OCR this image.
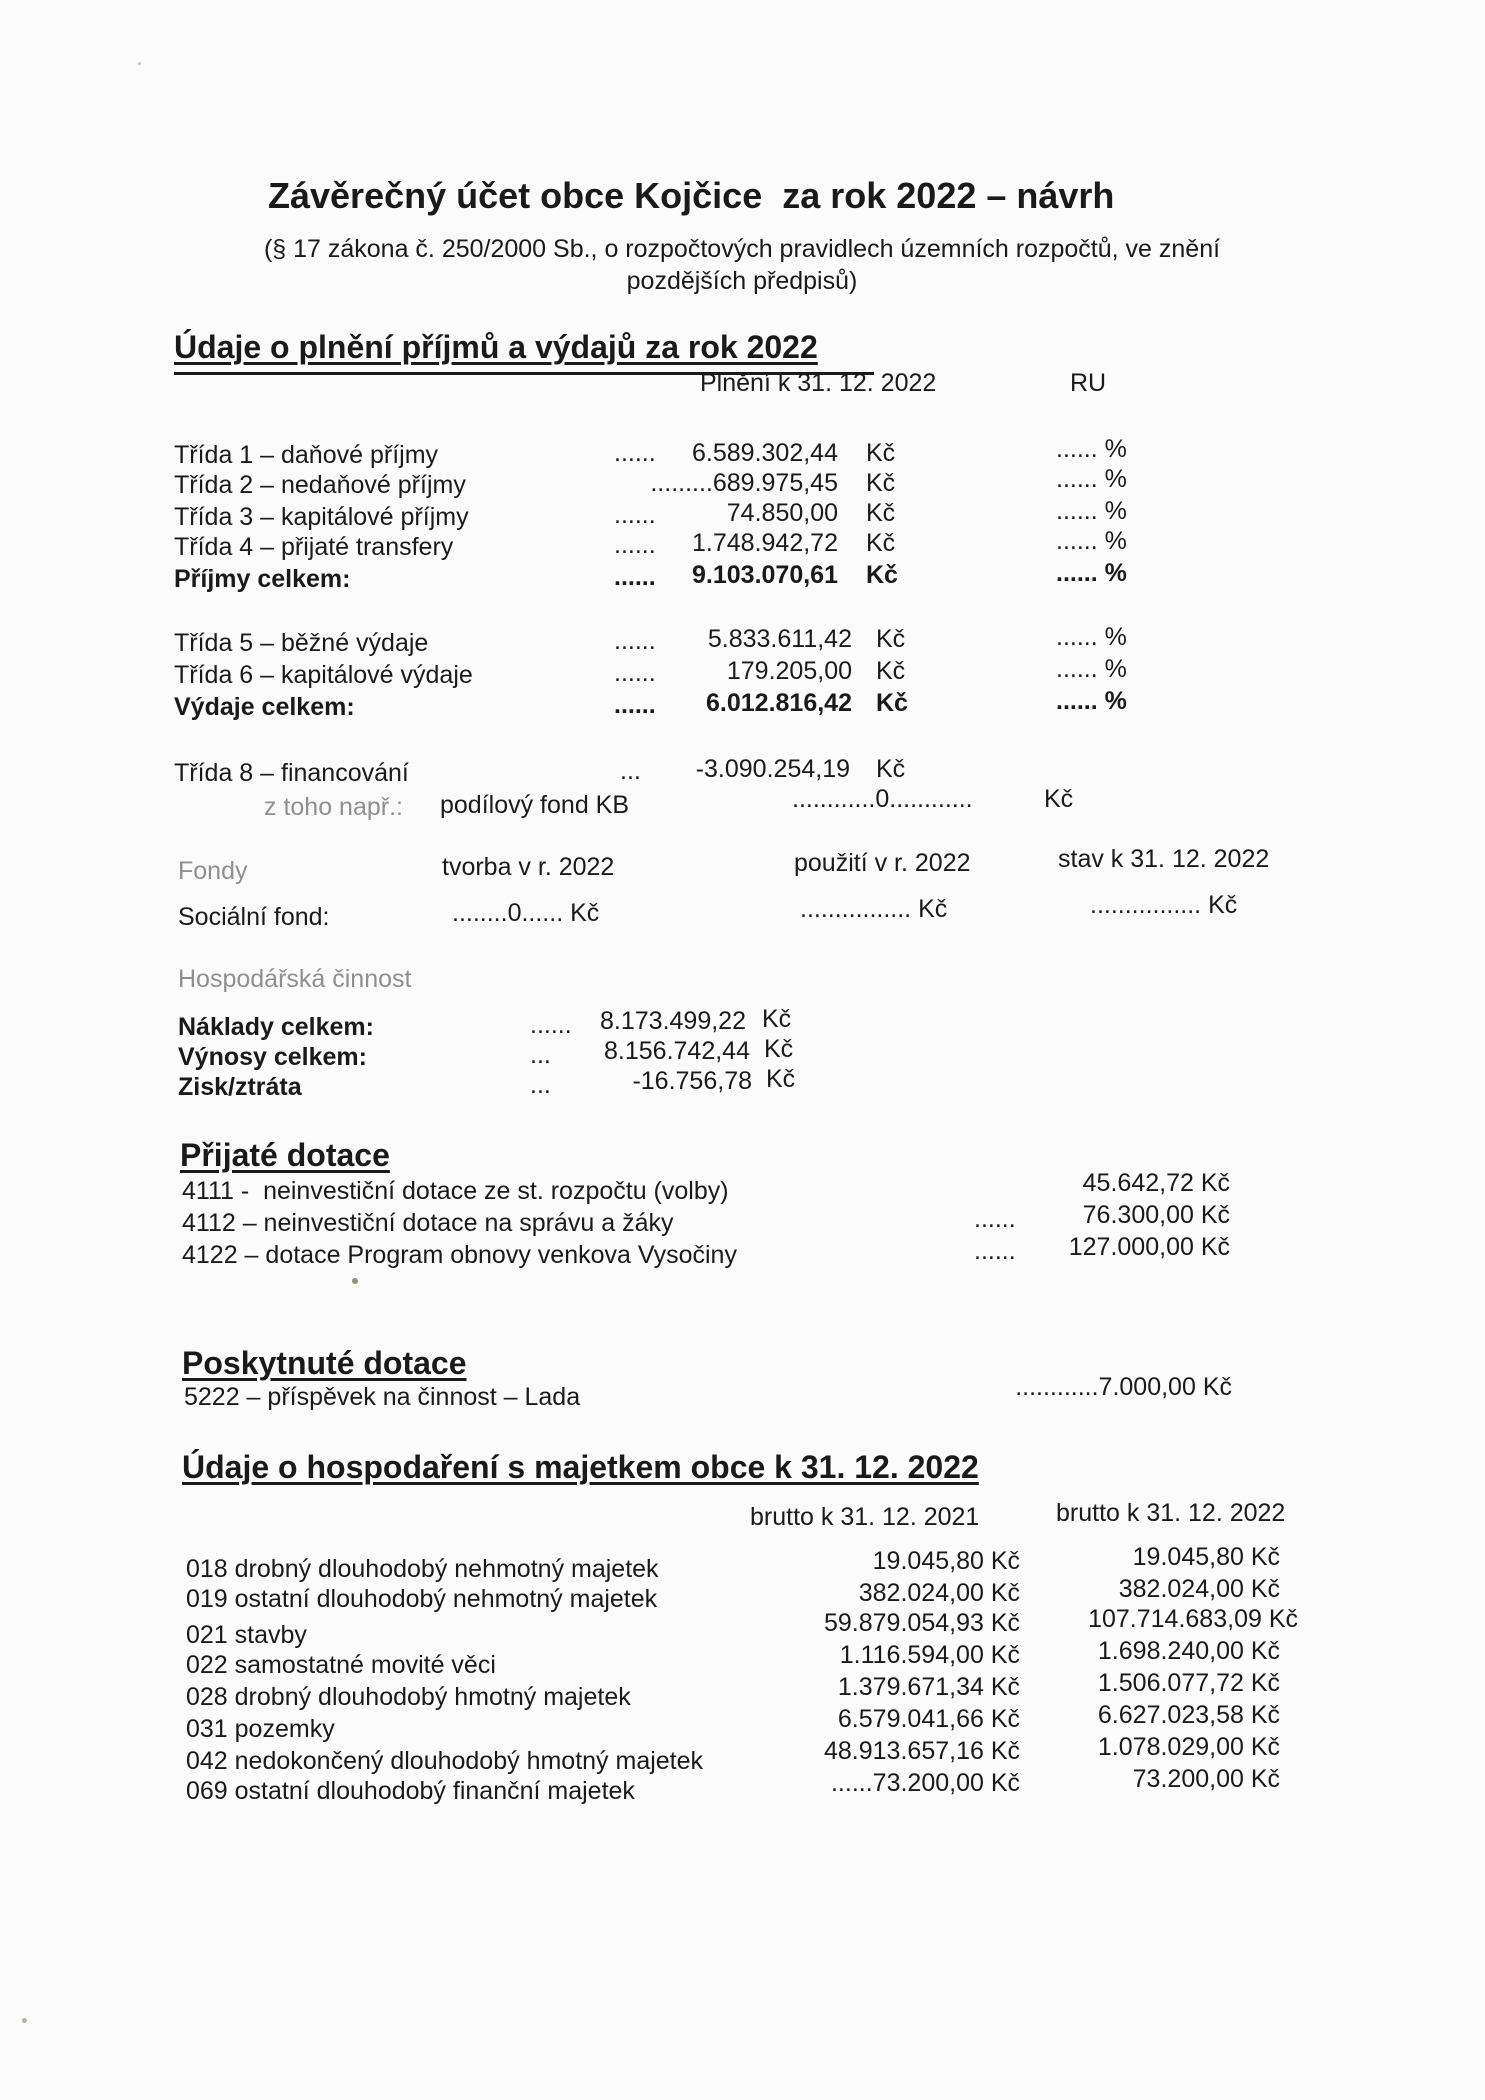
Závěrečný účet obce Kojčice  za rok 2022 – návrh
(§ 17 zákona č. 250/2000 Sb., o rozpočtových pravidlech územních rozpočtů, ve znění
pozdějších předpisů)
Údaje o plnění příjmů a výdajů za rok 2022
Plnění k 31. 12. 2022	RU
Třída 1 – daňové příjmy	......	6.589.302,44 Kč	...... %
Třída 2 – nedaňové příjmy	.........689.975,45 Kč	...... %
Třída 3 – kapitálové příjmy	......	74.850,00 Kč	...... %
Třída 4 – přijaté transfery	......	1.748.942,72 Kč	...... %
Příjmy celkem:	......	9.103.070,61 Kč	...... %
Třída 5 – běžné výdaje	......	5.833.611,42 Kč	...... %
Třída 6 – kapitálové výdaje	......	179.205,00 Kč	...... %
Výdaje celkem:	......	6.012.816,42 Kč	...... %
Třída 8 – financování	...	-3.090.254,19 Kč
z toho např.: podílový fond KB	............0............	Kč
Fondy	tvorba v r. 2022	použití v r. 2022	stav k 31. 12. 2022
Sociální fond:	........0...... Kč	................ Kč	................ Kč
Hospodářská činnost
Náklady celkem:	......	8.173.499,22 Kč
Výnosy celkem:	...	8.156.742,44 Kč
Zisk/ztráta	...	-16.756,78 Kč
Přijaté dotace
4111 -  neinvestiční dotace ze st. rozpočtu (volby)	45.642,72 Kč
4112 – neinvestiční dotace na správu a žáky	......	76.300,00 Kč
4122 – dotace Program obnovy venkova Vysočiny	......	127.000,00 Kč
Poskytnuté dotace
5222 – příspěvek na činnost – Lada	............7.000,00 Kč
Údaje o hospodaření s majetkem obce k 31. 12. 2022
brutto k 31. 12. 2021	brutto k 31. 12. 2022
018 drobný dlouhodobý nehmotný majetek	19.045,80 Kč	19.045,80 Kč
019 ostatní dlouhodobý nehmotný majetek	382.024,00 Kč	382.024,00 Kč
021 stavby	59.879.054,93 Kč	107.714.683,09 Kč
022 samostatné movité věci	1.116.594,00 Kč	1.698.240,00 Kč
028 drobný dlouhodobý hmotný majetek	1.379.671,34 Kč	1.506.077,72 Kč
031 pozemky	6.579.041,66 Kč	6.627.023,58 Kč
042 nedokončený dlouhodobý hmotný majetek	48.913.657,16 Kč	1.078.029,00 Kč
069 ostatní dlouhodobý finanční majetek	......73.200,00 Kč	73.200,00 Kč
